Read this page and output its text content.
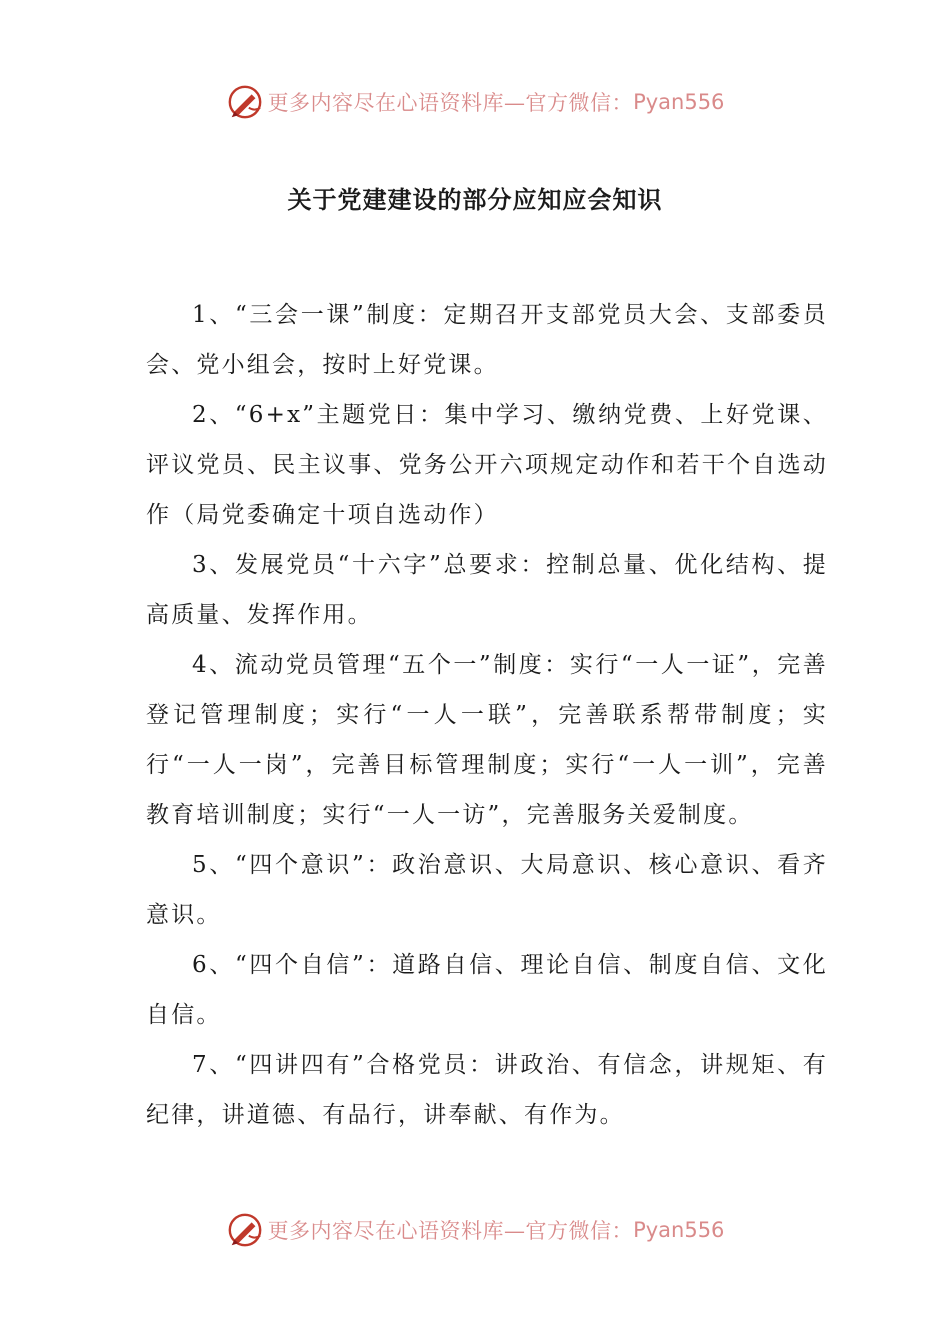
更多内容尽在心语资料库—官方微信： Pyan556
关于党建建设的部分应知应会知识

1、“三会一课”制度：定期召开支部党员大会、支部委员会、党小组会，按时上好党课。

2、“6+x”主题党日：集中学习、缴纳党费、上好党课、评议党员、民主议事、党务公开六项规定动作和若干个自选动作（局党委确定十项自选动作）

3、发展党员“十六字”总要求：控制总量、优化结构、提高质量、发挥作用。

4、流动党员管理“五个一”制度：实行“一人一证”，完善登记管理制度；实行“一人一联”，完善联系帮带制度；实行“一人一岗”，完善目标管理制度；实行“一人一训”，完善教育培训制度；实行“一人一访”，完善服务关爱制度。

5、“四个意识”：政治意识、大局意识、核心意识、看齐意识。

6、“四个自信”：道路自信、理论自信、制度自信、文化自信。

7、“四讲四有”合格党员：讲政治、有信念，讲规矩、有纪律，讲道德、有品行，讲奉献、有作为。

更多内容尽在心语资料库—官方微信： Pyan556
